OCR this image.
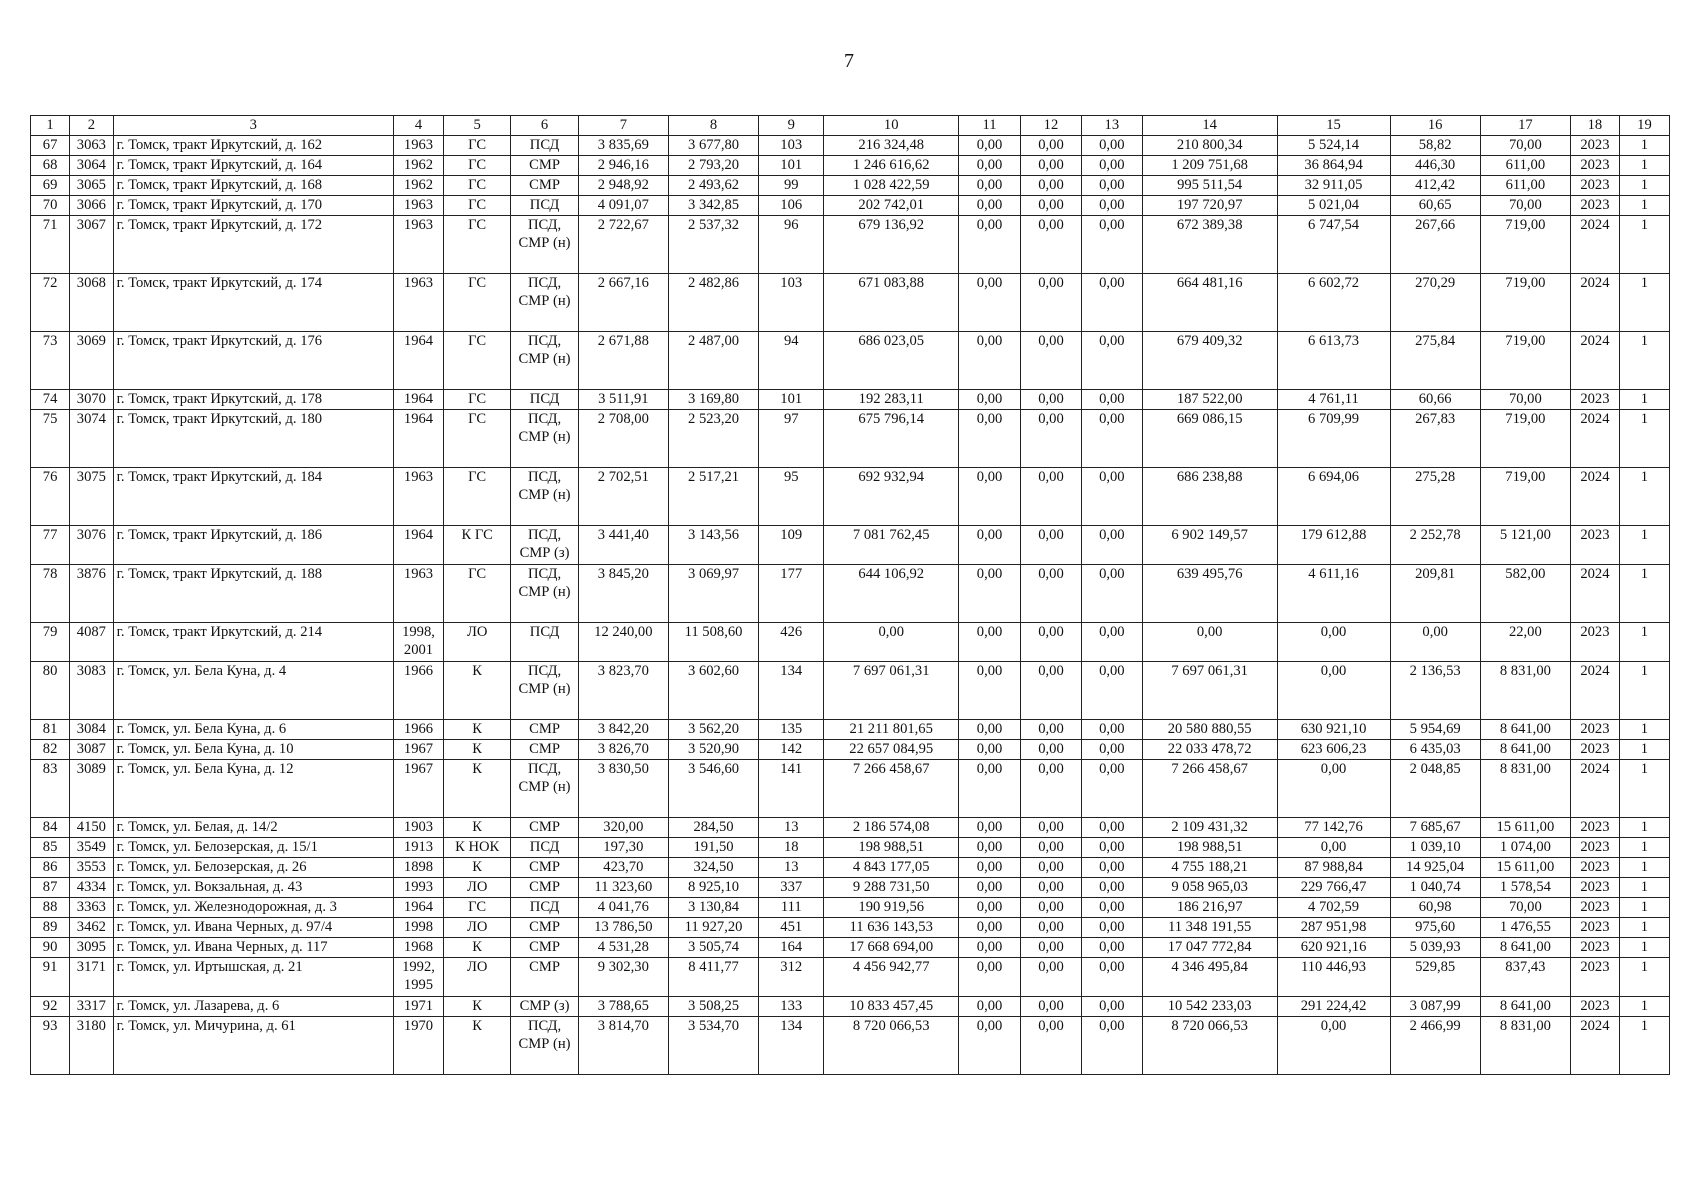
7
1	2	3	4	5	6	7	8	9	10	11	12	13	14	15	16	17	18	19
67	3063	г. Томск, тракт Иркутский, д. 162	1963	ГС	ПСД	3 835,69	3 677,80	103	216 324,48	0,00	0,00	0,00	210 800,34	5 524,14	58,82	70,00	2023	1
68	3064	г. Томск, тракт Иркутский, д. 164	1962	ГС	СМР	2 946,16	2 793,20	101	1 246 616,62	0,00	0,00	0,00	1 209 751,68	36 864,94	446,30	611,00	2023	1
69	3065	г. Томск, тракт Иркутский, д. 168	1962	ГС	СМР	2 948,92	2 493,62	99	1 028 422,59	0,00	0,00	0,00	995 511,54	32 911,05	412,42	611,00	2023	1
70	3066	г. Томск, тракт Иркутский, д. 170	1963	ГС	ПСД	4 091,07	3 342,85	106	202 742,01	0,00	0,00	0,00	197 720,97	5 021,04	60,65	70,00	2023	1
71	3067	г. Томск, тракт Иркутский, д. 172	1963	ГС	ПСД, СМР (н)	2 722,67	2 537,32	96	679 136,92	0,00	0,00	0,00	672 389,38	6 747,54	267,66	719,00	2024	1
72	3068	г. Томск, тракт Иркутский, д. 174	1963	ГС	ПСД, СМР (н)	2 667,16	2 482,86	103	671 083,88	0,00	0,00	0,00	664 481,16	6 602,72	270,29	719,00	2024	1
73	3069	г. Томск, тракт Иркутский, д. 176	1964	ГС	ПСД, СМР (н)	2 671,88	2 487,00	94	686 023,05	0,00	0,00	0,00	679 409,32	6 613,73	275,84	719,00	2024	1
74	3070	г. Томск, тракт Иркутский, д. 178	1964	ГС	ПСД	3 511,91	3 169,80	101	192 283,11	0,00	0,00	0,00	187 522,00	4 761,11	60,66	70,00	2023	1
75	3074	г. Томск, тракт Иркутский, д. 180	1964	ГС	ПСД, СМР (н)	2 708,00	2 523,20	97	675 796,14	0,00	0,00	0,00	669 086,15	6 709,99	267,83	719,00	2024	1
76	3075	г. Томск, тракт Иркутский, д. 184	1963	ГС	ПСД, СМР (н)	2 702,51	2 517,21	95	692 932,94	0,00	0,00	0,00	686 238,88	6 694,06	275,28	719,00	2024	1
77	3076	г. Томск, тракт Иркутский, д. 186	1964	К ГС	ПСД, СМР (з)	3 441,40	3 143,56	109	7 081 762,45	0,00	0,00	0,00	6 902 149,57	179 612,88	2 252,78	5 121,00	2023	1
78	3876	г. Томск, тракт Иркутский, д. 188	1963	ГС	ПСД, СМР (н)	3 845,20	3 069,97	177	644 106,92	0,00	0,00	0,00	639 495,76	4 611,16	209,81	582,00	2024	1
79	4087	г. Томск, тракт Иркутский, д. 214	1998, 2001	ЛО	ПСД	12 240,00	11 508,60	426	0,00	0,00	0,00	0,00	0,00	0,00	0,00	22,00	2023	1
80	3083	г. Томск, ул. Бела Куна, д. 4	1966	К	ПСД, СМР (н)	3 823,70	3 602,60	134	7 697 061,31	0,00	0,00	0,00	7 697 061,31	0,00	2 136,53	8 831,00	2024	1
81	3084	г. Томск, ул. Бела Куна, д. 6	1966	К	СМР	3 842,20	3 562,20	135	21 211 801,65	0,00	0,00	0,00	20 580 880,55	630 921,10	5 954,69	8 641,00	2023	1
82	3087	г. Томск, ул. Бела Куна, д. 10	1967	К	СМР	3 826,70	3 520,90	142	22 657 084,95	0,00	0,00	0,00	22 033 478,72	623 606,23	6 435,03	8 641,00	2023	1
83	3089	г. Томск, ул. Бела Куна, д. 12	1967	К	ПСД, СМР (н)	3 830,50	3 546,60	141	7 266 458,67	0,00	0,00	0,00	7 266 458,67	0,00	2 048,85	8 831,00	2024	1
84	4150	г. Томск, ул. Белая, д. 14/2	1903	К	СМР	320,00	284,50	13	2 186 574,08	0,00	0,00	0,00	2 109 431,32	77 142,76	7 685,67	15 611,00	2023	1
85	3549	г. Томск, ул. Белозерская, д. 15/1	1913	К НОК	ПСД	197,30	191,50	18	198 988,51	0,00	0,00	0,00	198 988,51	0,00	1 039,10	1 074,00	2023	1
86	3553	г. Томск, ул. Белозерская, д. 26	1898	К	СМР	423,70	324,50	13	4 843 177,05	0,00	0,00	0,00	4 755 188,21	87 988,84	14 925,04	15 611,00	2023	1
87	4334	г. Томск, ул. Вокзальная, д. 43	1993	ЛО	СМР	11 323,60	8 925,10	337	9 288 731,50	0,00	0,00	0,00	9 058 965,03	229 766,47	1 040,74	1 578,54	2023	1
88	3363	г. Томск, ул. Железнодорожная, д. 3	1964	ГС	ПСД	4 041,76	3 130,84	111	190 919,56	0,00	0,00	0,00	186 216,97	4 702,59	60,98	70,00	2023	1
89	3462	г. Томск, ул. Ивана Черных, д. 97/4	1998	ЛО	СМР	13 786,50	11 927,20	451	11 636 143,53	0,00	0,00	0,00	11 348 191,55	287 951,98	975,60	1 476,55	2023	1
90	3095	г. Томск, ул. Ивана Черных, д. 117	1968	К	СМР	4 531,28	3 505,74	164	17 668 694,00	0,00	0,00	0,00	17 047 772,84	620 921,16	5 039,93	8 641,00	2023	1
91	3171	г. Томск, ул. Иртышская, д. 21	1992, 1995	ЛО	СМР	9 302,30	8 411,77	312	4 456 942,77	0,00	0,00	0,00	4 346 495,84	110 446,93	529,85	837,43	2023	1
92	3317	г. Томск, ул. Лазарева, д. 6	1971	К	СМР (з)	3 788,65	3 508,25	133	10 833 457,45	0,00	0,00	0,00	10 542 233,03	291 224,42	3 087,99	8 641,00	2023	1
93	3180	г. Томск, ул. Мичурина, д. 61	1970	К	ПСД, СМР (н)	3 814,70	3 534,70	134	8 720 066,53	0,00	0,00	0,00	8 720 066,53	0,00	2 466,99	8 831,00	2024	1
